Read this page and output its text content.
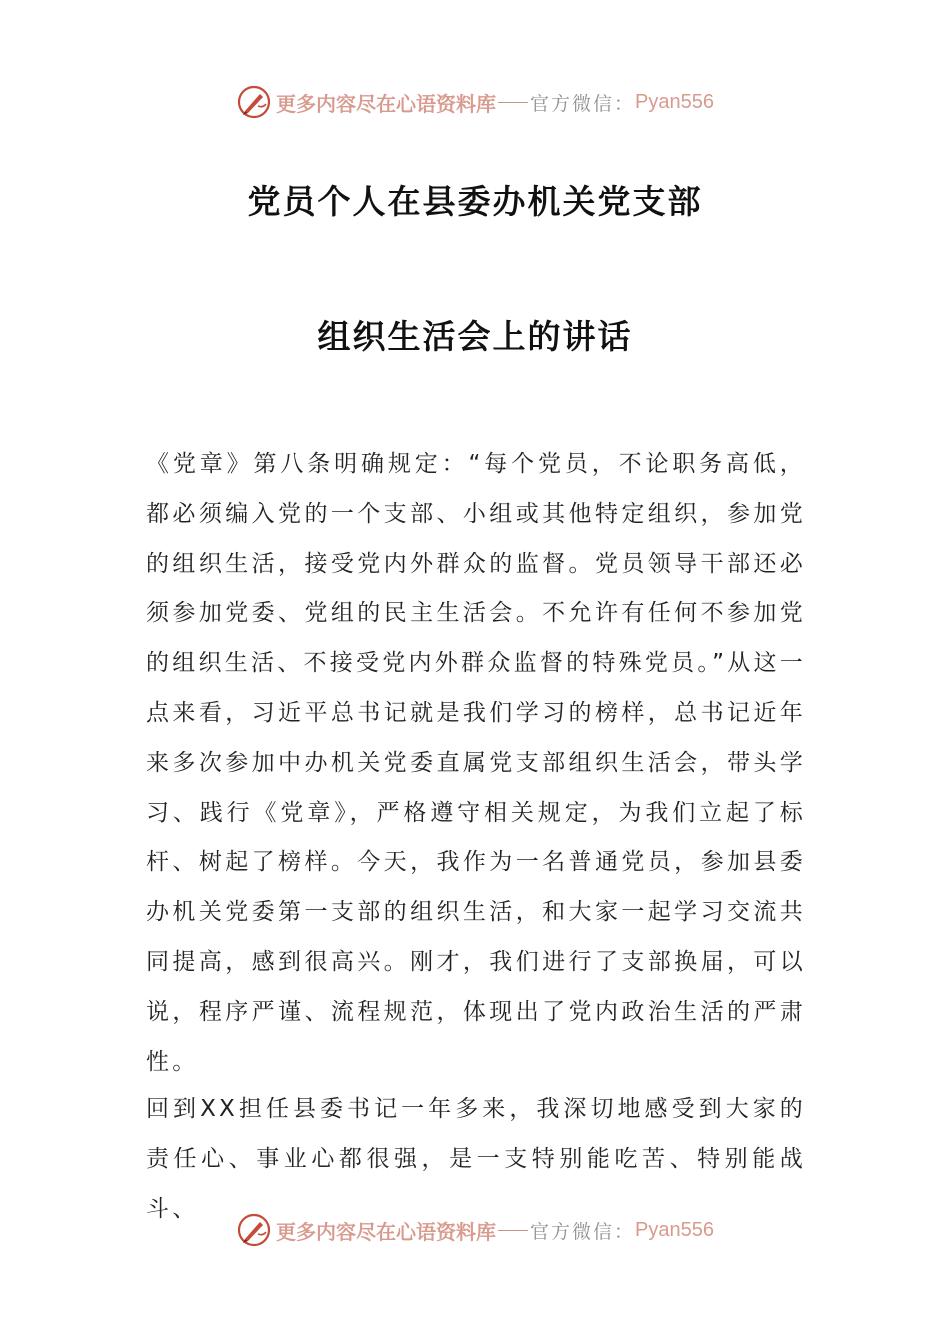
更多内容尽在心语资料库 官方微信： Pyan556
党员个人在县委办机关党支部
组织生活会上的讲话

《党章》第八条明确规定：“每个党员，不论职务高低，都必须编入党的一个支部、小组或其他特定组织，参加党的组织生活，接受党内外群众的监督。党员领导干部还必须参加党委、党组的民主生活会。不允许有任何不参加党的组织生活、不接受党内外群众监督的特殊党员。”从这一点来看，习近平总书记就是我们学习的榜样，总书记近年来多次参加中办机关党委直属党支部组织生活会，带头学习、践行《党章》，严格遵守相关规定，为我们立起了标杆、树起了榜样。今天，我作为一名普通党员，参加县委办机关党委第一支部的组织生活，和大家一起学习交流共同提高，感到很高兴。刚才，我们进行了支部换届，可以说，程序严谨、流程规范，体现出了党内政治生活的严肃性。

回到XX担任县委书记一年多来，我深切地感受到大家的责任心、事业心都很强，是一支特别能吃苦、特别能战斗、

更多内容尽在心语资料库 官方微信： Pyan556
